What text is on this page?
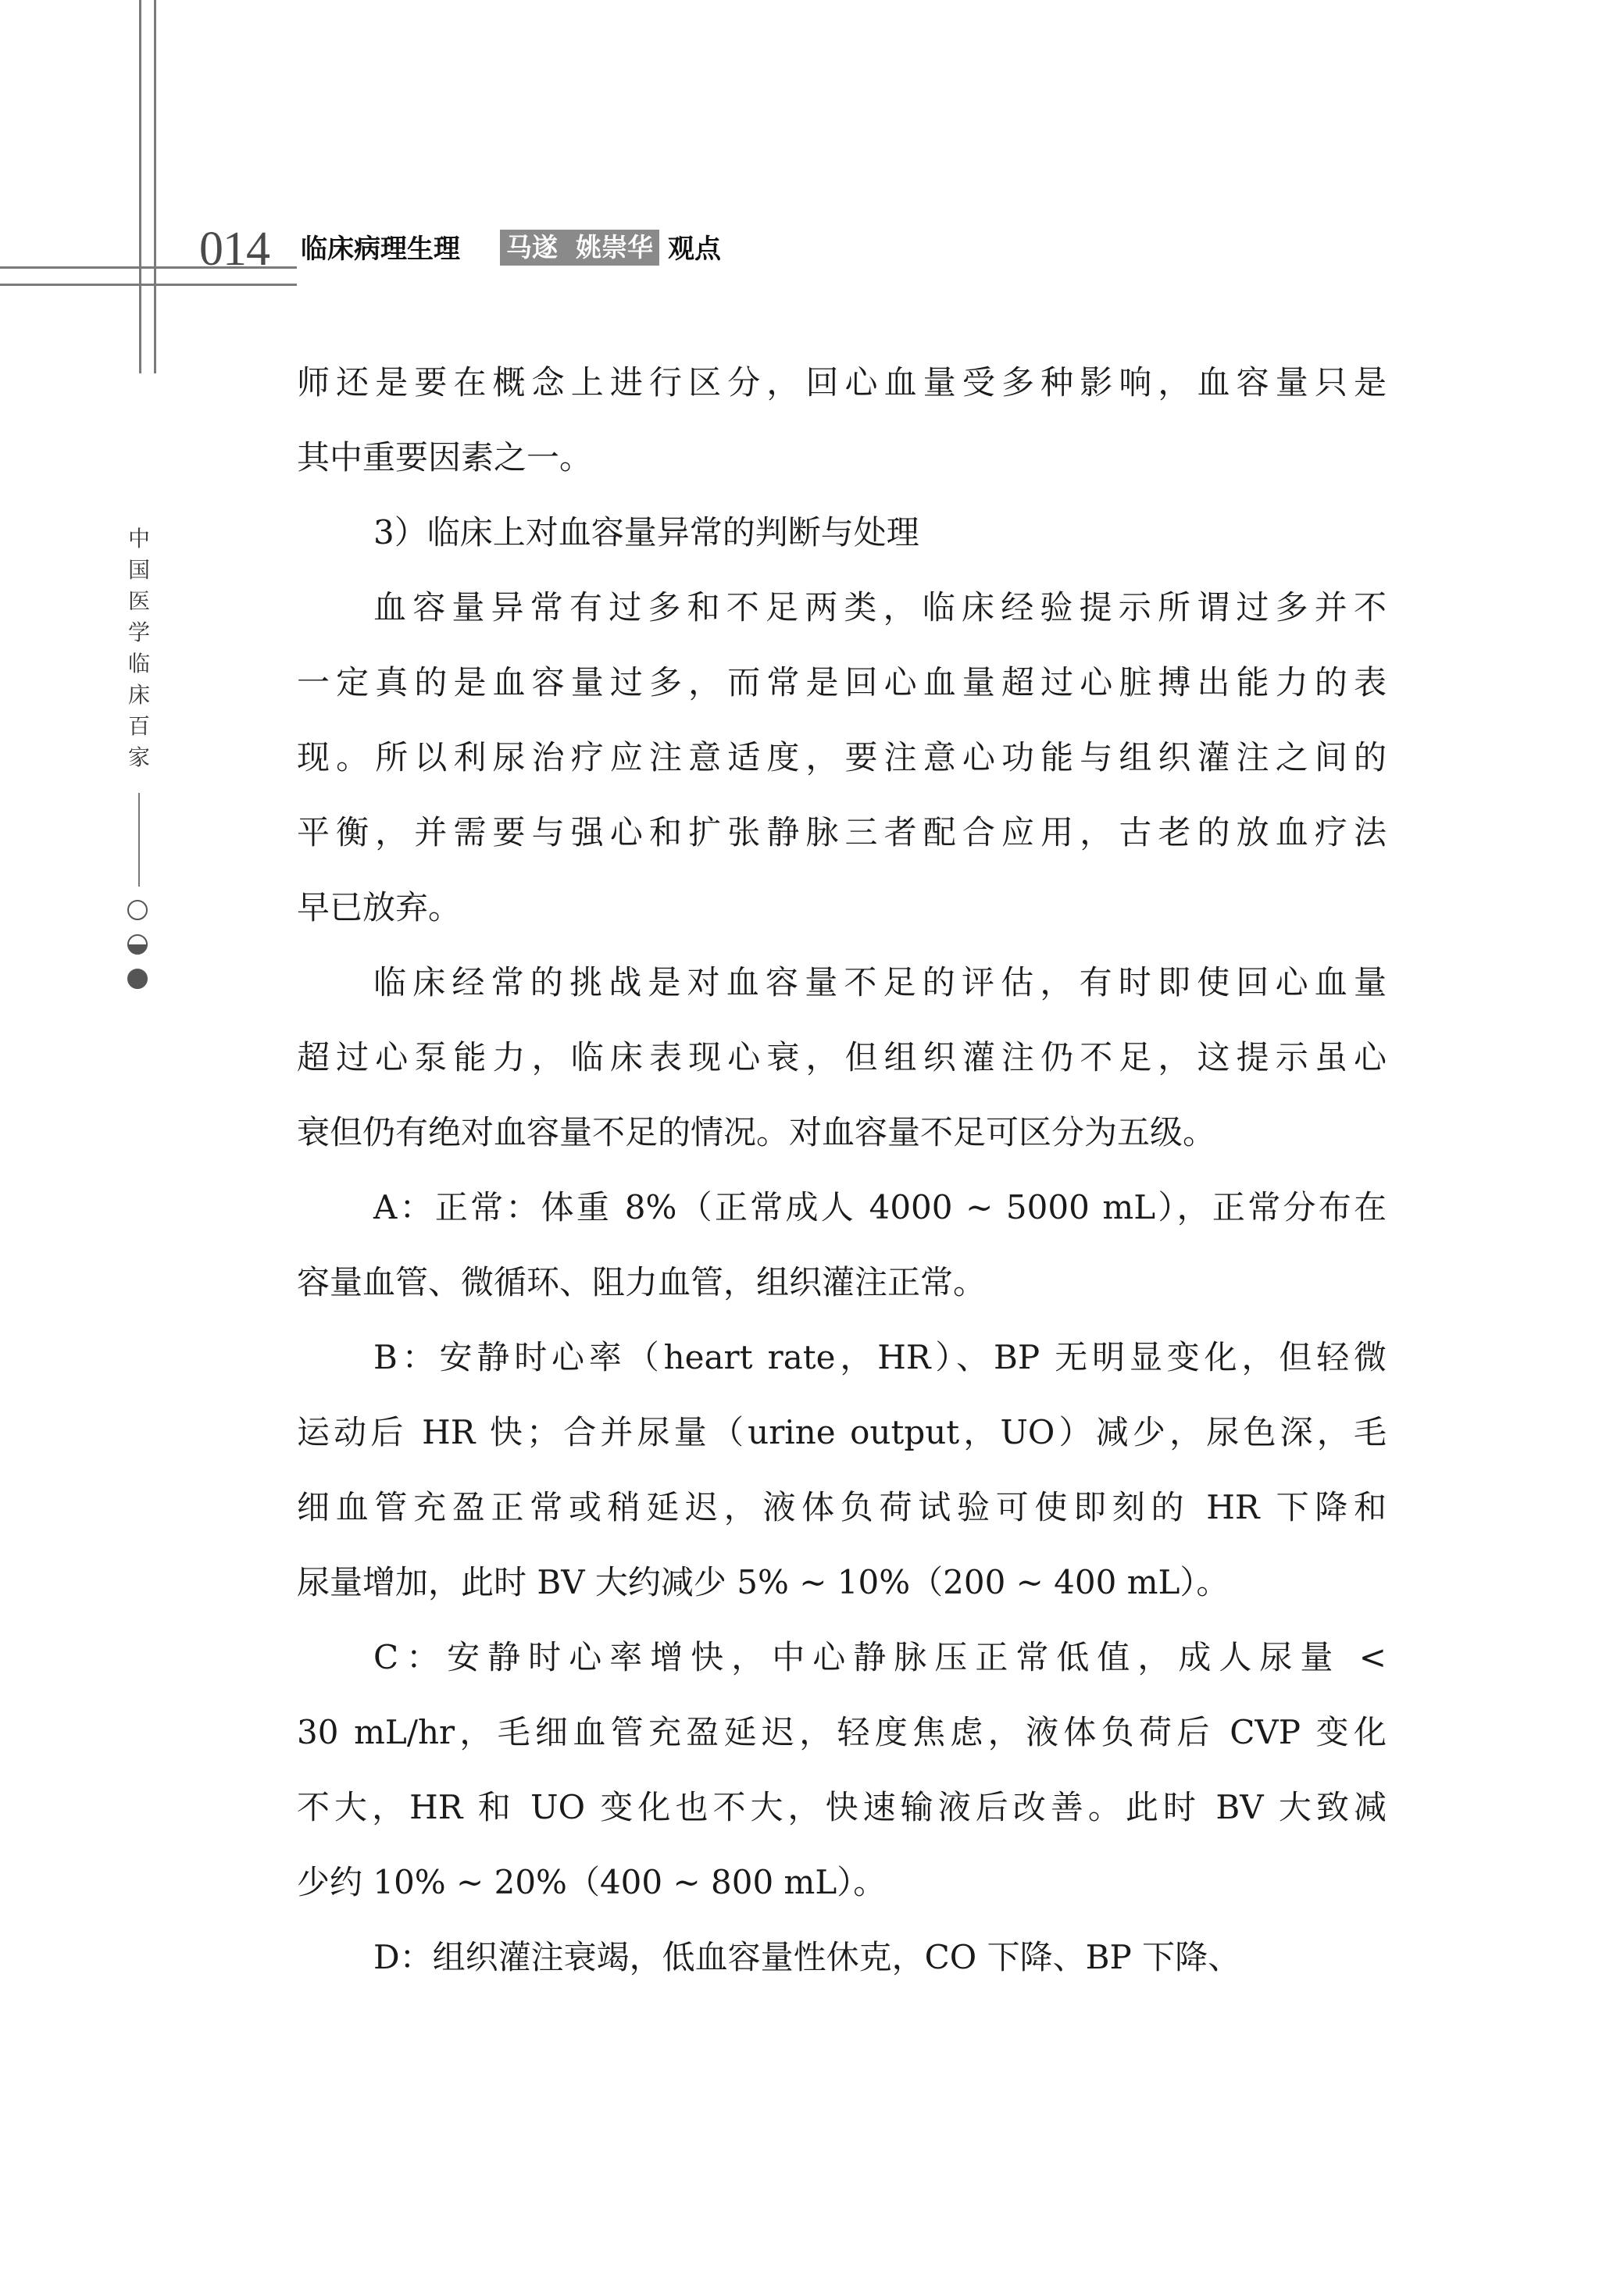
014 临床病理生理 马遂  姚崇华 观点
中国医学临床百家

师还是要在概念上进行区分，回心血量受多种影响，血容量只是

其中重要因素之一。

3）临床上对血容量异常的判断与处理

血容量异常有过多和不足两类，临床经验提示所谓过多并不

一定真的是血容量过多，而常是回心血量超过心脏搏出能力的表

现。所以利尿治疗应注意适度，要注意心功能与组织灌注之间的

平衡，并需要与强心和扩张静脉三者配合应用，古老的放血疗法

早已放弃。

临床经常的挑战是对血容量不足的评估，有时即使回心血量

超过心泵能力，临床表现心衰，但组织灌注仍不足，这提示虽心

衰但仍有绝对血容量不足的情况。对血容量不足可区分为五级。

A：正常：体重 8%（正常成人 4000 ~ 5000 mL），正常分布在

容量血管、微循环、阻力血管，组织灌注正常。

B：安静时心率（heart rate，HR）、BP 无明显变化，但轻微

运动后 HR 快；合并尿量（urine output，UO）减少，尿色深，毛

细血管充盈正常或稍延迟，液体负荷试验可使即刻的 HR 下降和

尿量增加，此时 BV 大约减少 5% ~ 10%（200 ~ 400 mL）。

C：安静时心率增快，中心静脉压正常低值，成人尿量 <

30 mL/hr，毛细血管充盈延迟，轻度焦虑，液体负荷后 CVP 变化

不大，HR 和 UO 变化也不大，快速输液后改善。此时 BV 大致减

少约 10% ~ 20%（400 ~ 800 mL）。

D：组织灌注衰竭，低血容量性休克，CO 下降、BP 下降、
